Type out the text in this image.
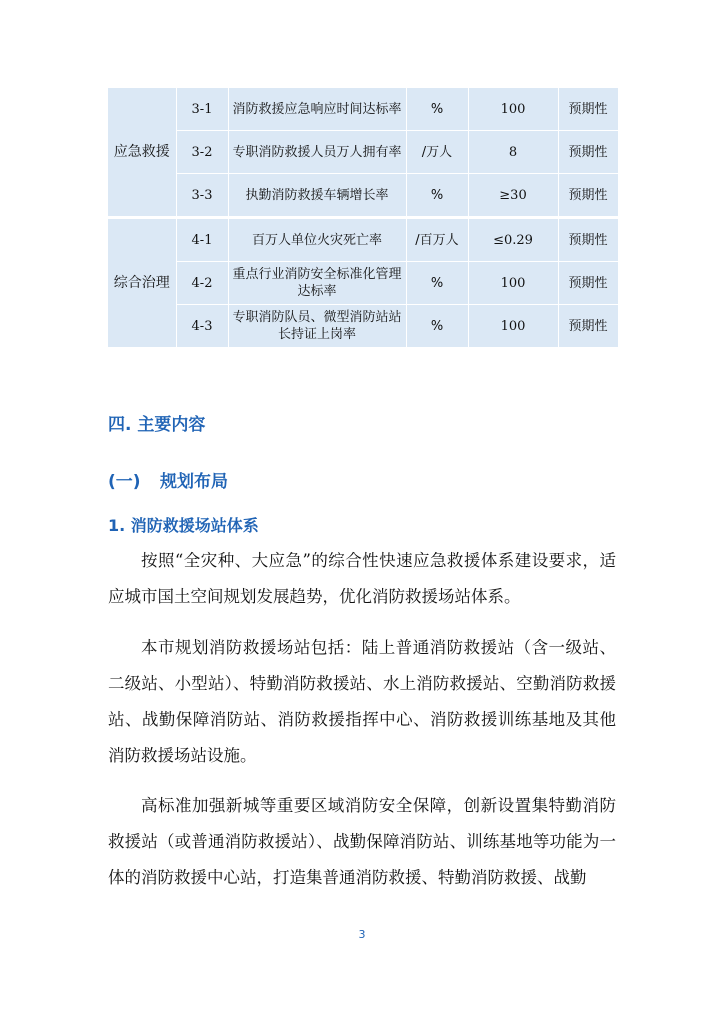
应急救援	3-1	消防救援应急响应时间达标率	%	100	预期性
	3-2	专职消防救援人员万人拥有率	/万人	8	预期性
	3-3	执勤消防救援车辆增长率	%	≥30	预期性
综合治理	4-1	百万人单位火灾死亡率	/百万人	≤0.29	预期性
	4-2	重点行业消防安全标准化管理达标率	%	100	预期性
	4-3	专职消防队员、微型消防站站长持证上岗率	%	100	预期性
四. 主要内容
(一) 规划布局
1. 消防救援场站体系
按照“全灾种、大应急”的综合性快速应急救援体系建设要求，适应城市国土空间规划发展趋势，优化消防救援场站体系。
本市规划消防救援场站包括：陆上普通消防救援站（含一级站、二级站、小型站）、特勤消防救援站、水上消防救援站、空勤消防救援站、战勤保障消防站、消防救援指挥中心、消防救援训练基地及其他消防救援场站设施。
高标准加强新城等重要区域消防安全保障，创新设置集特勤消防救援站（或普通消防救援站）、战勤保障消防站、训练基地等功能为一体的消防救援中心站，打造集普通消防救援、特勤消防救援、战勤
3
